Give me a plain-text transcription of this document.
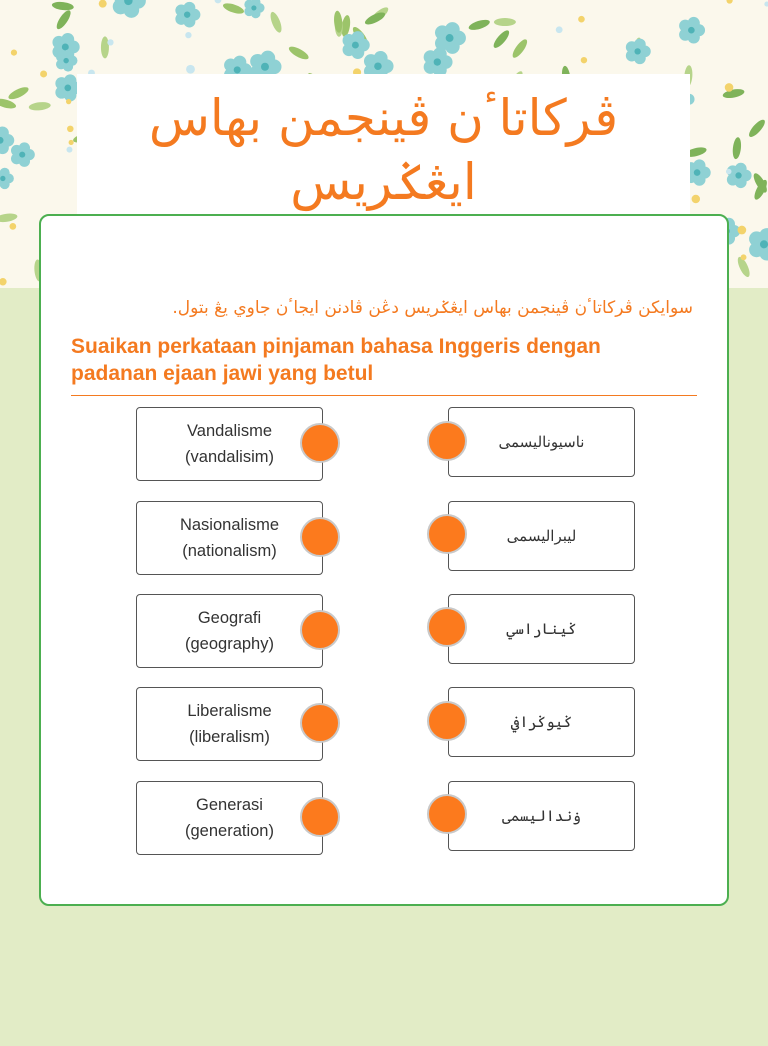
ڤرکاتاٴن ڤينجمن بهاس ايڠݢريس
سوايکن ڤرکاتاٴن ڤينجمن بهاس ايڠݢريس دڠن ڤادنن ايجاٴن جاوي يڠ بتول.
Suaikan perkataan pinjaman bahasa Inggeris dengan padanan ejaan jawi yang betul
Vandalisme
(vandalisim)
Nasionalisme
(nationalism)
Geografi
(geography)
Liberalisme
(liberalism)
Generasi
(generation)
ناسيوناليسمى
ليبراليسمى
ݢيناراسي
ݢيوݢرافي
ۏنداليسمى
